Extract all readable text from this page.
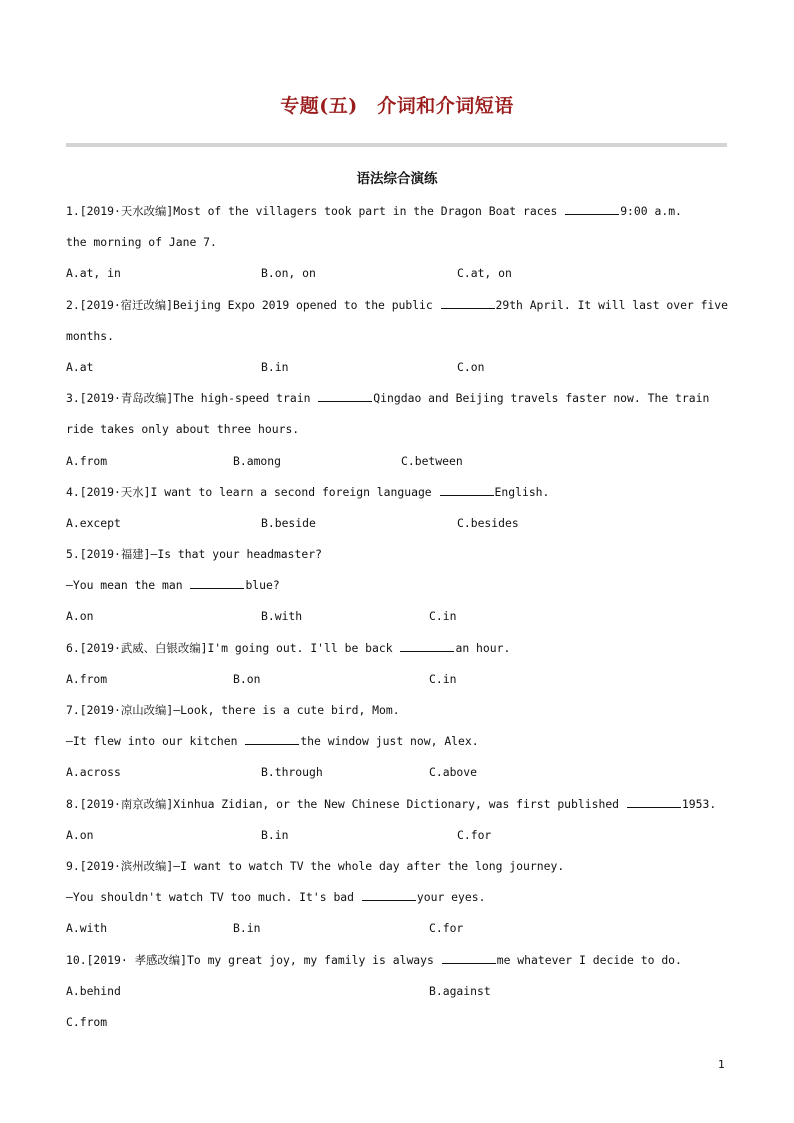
专题(五)　介词和介词短语
语法综合演练
1.[2019·天水改编]Most of the villagers took part in the Dragon Boat races	9:00 a.m.
the morning of Jane 7.
A.at, in	B.on, on	C.at, on
2.[2019·宿迁改编]Beijing Expo 2019 opened to the public	29th April. It will last over five
months.
A.at	B.in	C.on
3.[2019·青岛改编]The high-speed train	Qingdao and Beijing travels faster now. The train
ride takes only about three hours.
A.from	B.among	C.between
4.[2019·天水]I want to learn a second foreign language	English.
A.except	B.beside	C.besides
5.[2019·福建]—Is that your headmaster?
—You mean the man	blue?
A.on	B.with	C.in
6.[2019·武威、白银改编]I'm going out. I'll be back	an hour.
A.from	B.on	C.in
7.[2019·凉山改编]—Look, there is a cute bird, Mom.
—It flew into our kitchen	the window just now, Alex.
A.across	B.through	C.above
8.[2019·南京改编]Xinhua Zidian, or the New Chinese Dictionary, was first published	1953.
A.on	B.in	C.for
9.[2019·滨州改编]—I want to watch TV the whole day after the long journey.
—You shouldn't watch TV too much. It's bad	your eyes.
A.with	B.in	C.for
10.[2019· 孝感改编]To my great joy, my family is always	me whatever I decide to do.
A.behind	B.against
C.from
1
